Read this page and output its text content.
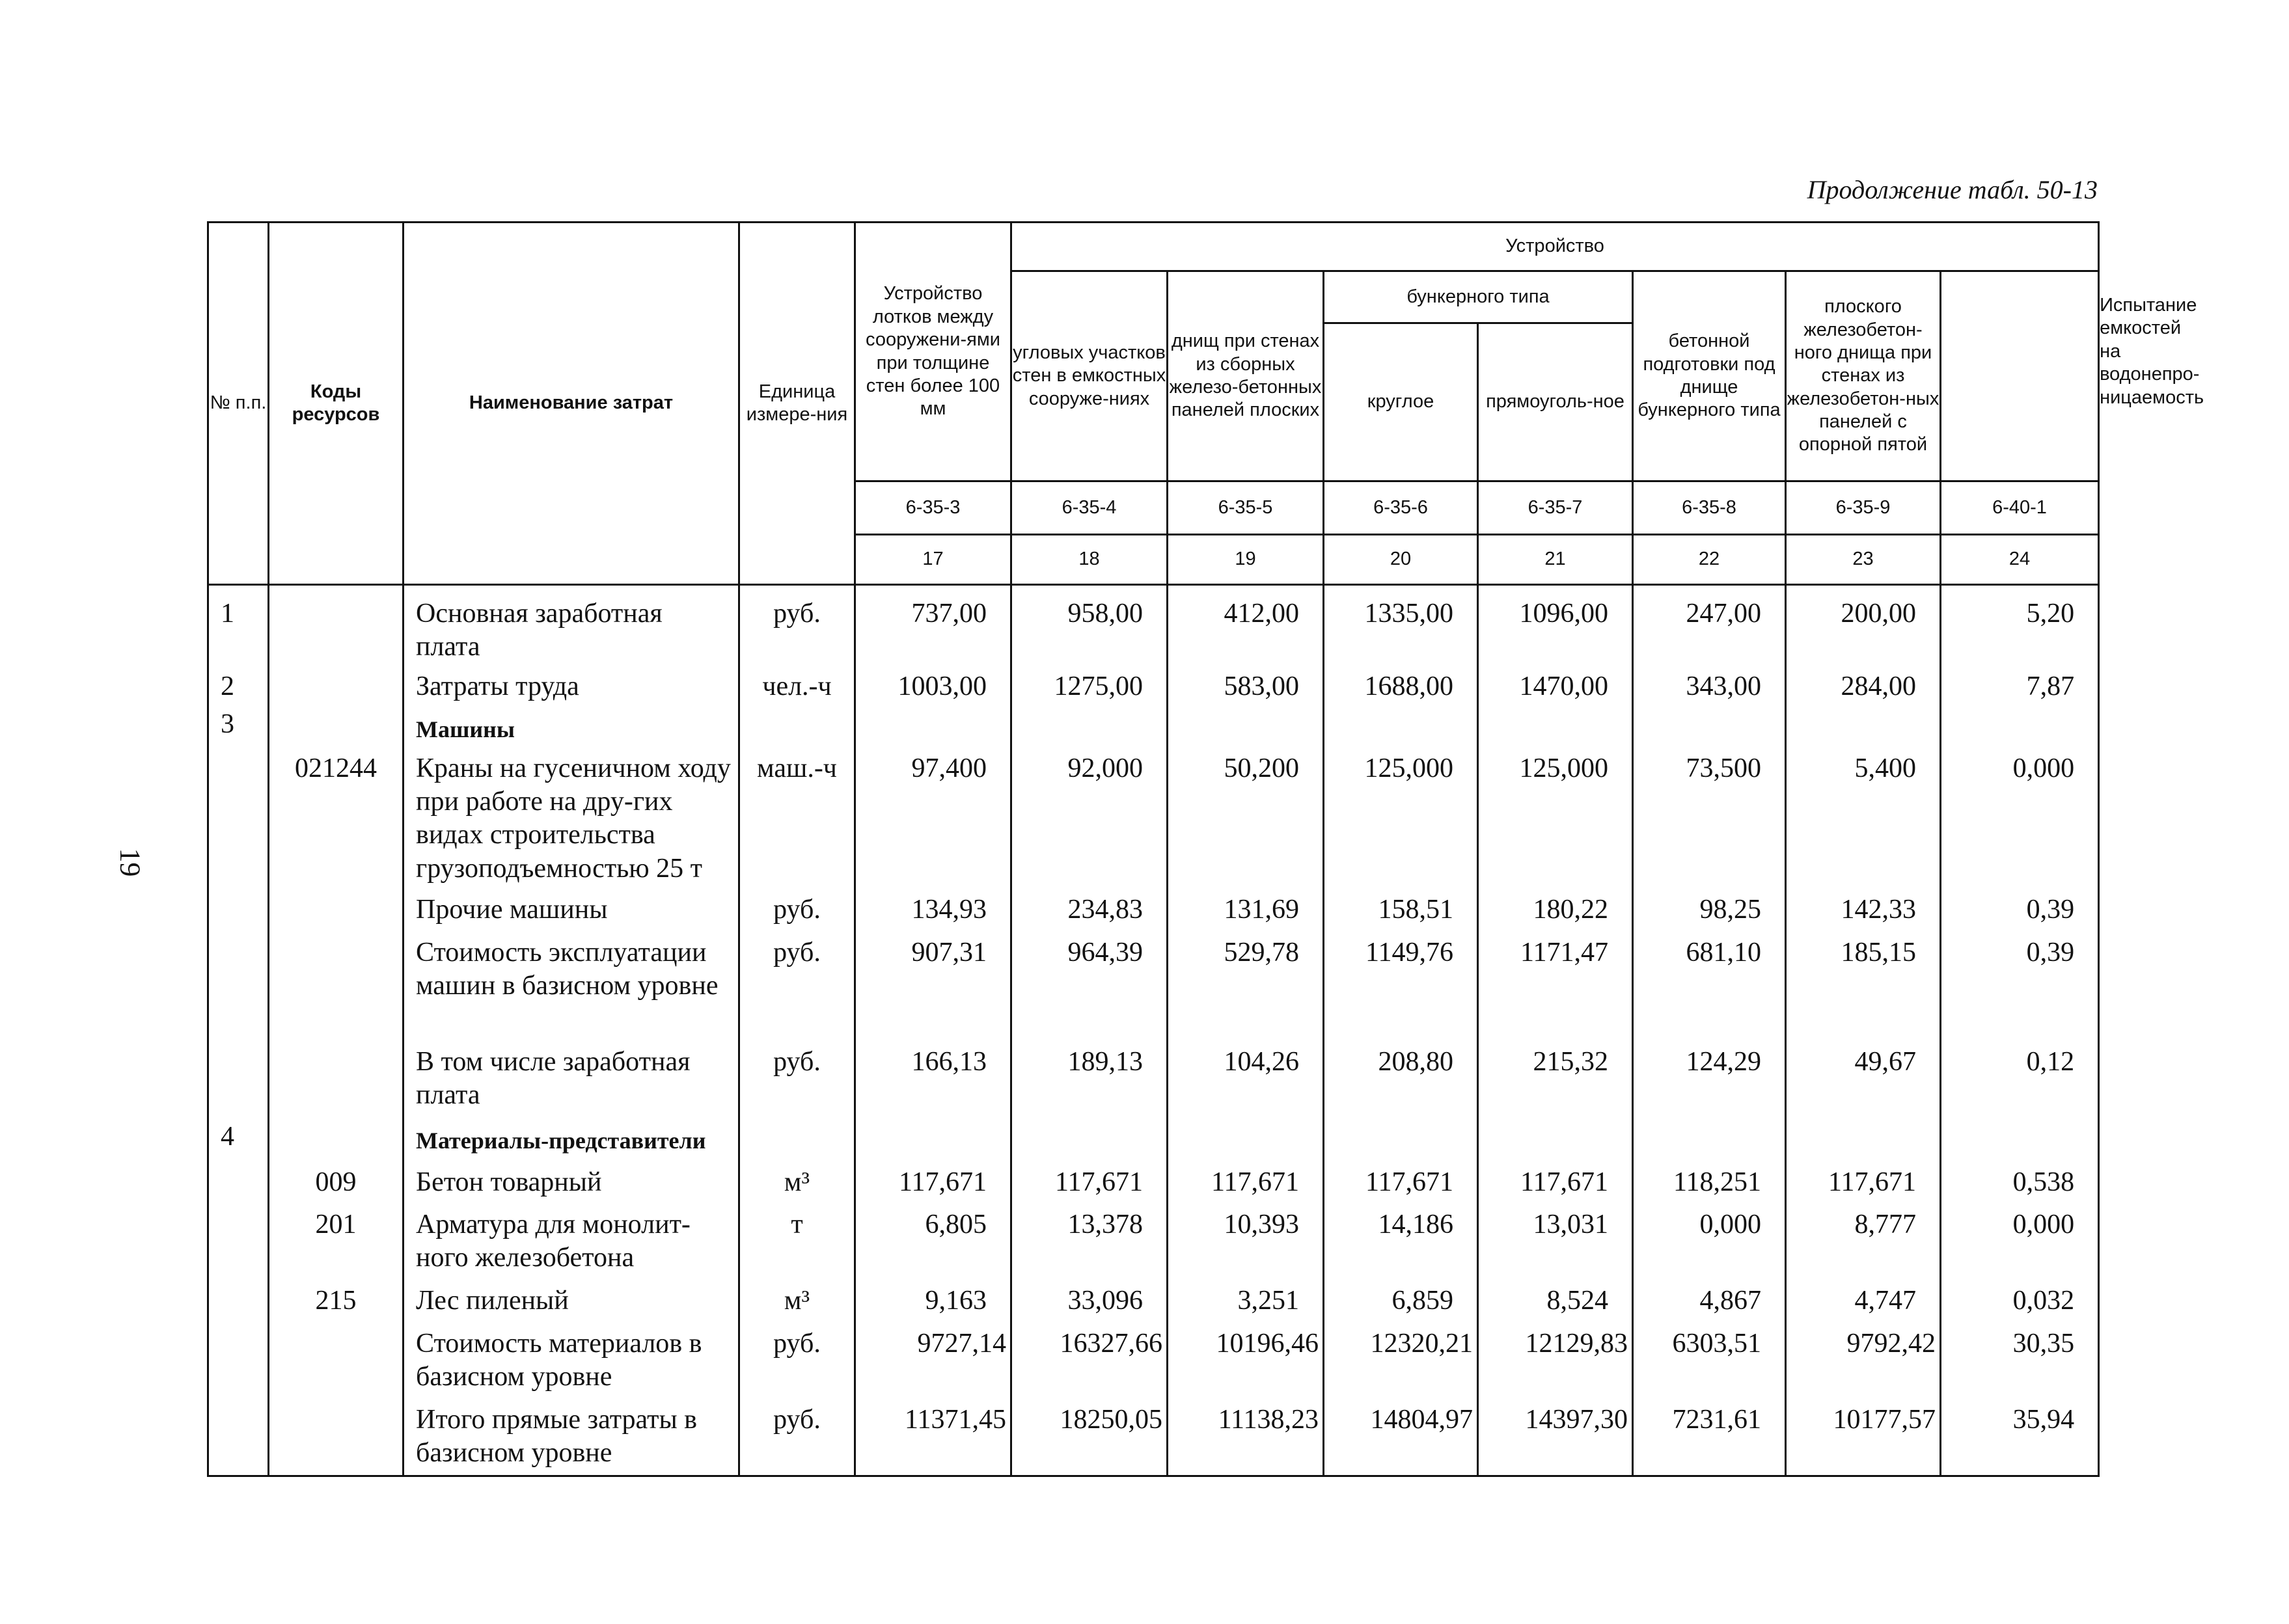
Продолжение табл. 50-13
19
№ п.п.	Коды ресурсов	Наименование затрат	Единица измере-ния	Устройство лотков между сооружени-ями при толщине стен более 100 мм	Устройство							Испытание емкостей на водонепро-ницаемость
					угловых участков стен в емкостных сооруже-ниях	днищ при стенах из сборных железо-бетонных панелей плоских	бункерного типа		бетонной подготовки под днище бункерного типа	плоского железобетон-ного днища при стенах из железобетон-ных панелей с опорной пятой		
							круглое	прямоуголь-ное				
				6-35-3	6-35-4	6-35-5	6-35-6	6-35-7	6-35-8	6-35-9	6-40-1	
				17	18	19	20	21	22	23	24	
1		Основная заработная плата	руб.	737,00	958,00	412,00	1335,00	1096,00	247,00	200,00	5,20	
2		Затраты труда	чел.-ч	1003,00	1275,00	583,00	1688,00	1470,00	343,00	284,00	7,87	
3		Машины										
	021244	Краны на гусеничном ходу при работе на дру-гих видах строительства грузоподъемностью 25 т	маш.-ч	97,400	92,000	50,200	125,000	125,000	73,500	5,400	0,000	
		Прочие машины	руб.	134,93	234,83	131,69	158,51	180,22	98,25	142,33	0,39	
		Стоимость эксплуатации машин в базисном уровне	руб.	907,31	964,39	529,78	1149,76	1171,47	681,10	185,15	0,39	
		В том числе заработная плата	руб.	166,13	189,13	104,26	208,80	215,32	124,29	49,67	0,12	
4		Материалы-представители										
	009	Бетон товарный	м³	117,671	117,671	117,671	117,671	117,671	118,251	117,671	0,538	
	201	Арматура для монолит-ного железобетона	т	6,805	13,378	10,393	14,186	13,031	0,000	8,777	0,000	
	215	Лес пиленый	м³	9,163	33,096	3,251	6,859	8,524	4,867	4,747	0,032	
		Стоимость материалов в базисном уровне	руб.	9727,14	16327,66	10196,46	12320,21	12129,83	6303,51	9792,42	30,35	
		Итого прямые затраты в базисном уровне	руб.	11371,45	18250,05	11138,23	14804,97	14397,30	7231,61	10177,57	35,94	
